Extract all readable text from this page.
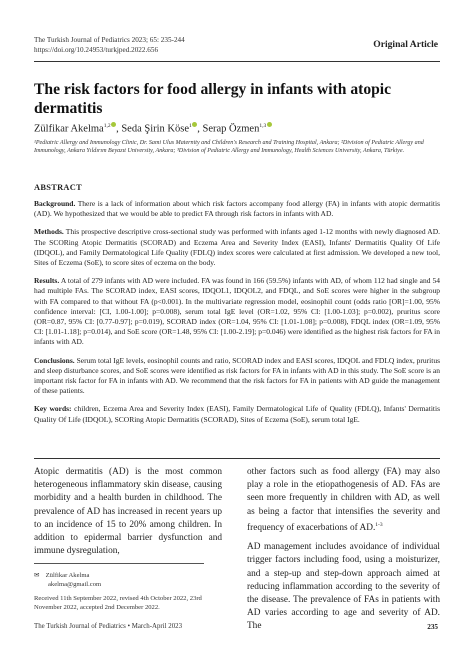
The Turkish Journal of Pediatrics 2023; 65: 235-244
https://doi.org/10.24953/turkjped.2022.656	Original Article
The risk factors for food allergy in infants with atopic dermatitis
Zülfikar Akelma$^{1,2}$ , Seda Şirin Köse$^1$ , Serap Özmen$^{1,3}$
¹Pediatric Allergy and Immunology Clinic, Dr. Sami Ulus Maternity and Children's Research and Training Hospital, Ankara; ²Division of Pediatric Allergy and Immunology, Ankara Yıldırım Beyazıt University, Ankara; ³Division of Pediatric Allergy and Immunology, Health Sciences University, Ankara, Türkiye.
ABSTRACT
Background. There is a lack of information about which risk factors accompany food allergy (FA) in infants with atopic dermatitis (AD). We hypothesized that we would be able to predict FA through risk factors in infants with AD.
Methods. This prospective descriptive cross-sectional study was performed with infants aged 1-12 months with newly diagnosed AD. The SCORing Atopic Dermatitis (SCORAD) and Eczema Area and Severity Index (EASI), Infants' Dermatitis Quality Of Life (IDQOL), and Family Dermatological Life Quality (FDLQ) index scores were calculated at first admission. We developed a new tool, Sites of Eczema (SoE), to score sites of eczema on the body.
Results. A total of 279 infants with AD were included. FA was found in 166 (59.5%) infants with AD, of whom 112 had single and 54 had multiple FAs. The SCORAD index, EASI scores, IDQOL1, IDQOL2, and FDQL, and SoE scores were higher in the subgroup with FA compared to that without FA (p<0.001). In the multivariate regression model, eosinophil count (odds ratio [OR]=1.00, 95% confidence interval: [CI, 1.00-1.00]; p=0.008), serum total IgE level (OR=1.02, 95% CI: [1.00-1.03]; p=0.002), pruritus score (OR=0.87, 95% CI: [0.77-0.97]; p=0.019), SCORAD index (OR=1.04, 95% CI: [1.01-1.08]; p=0.008), FDQL index (OR=1.09, 95% CI: [1.01-1.18]; p=0.014), and SoE score (OR=1.48, 95% CI: [1.00-2.19]; p=0.046) were identified as the highest risk factors for FA in infants with AD.
Conclusions. Serum total IgE levels, eosinophil counts and ratio, SCORAD index and EASI scores, IDQOL and FDLQ index, pruritus and sleep disturbance scores, and SoE scores were identified as risk factors for FA in infants with AD in this study. The SoE score is an important risk factor for FA in infants with AD. We recommend that the risk factors for FA in patients with AD guide the management of these patients.
Key words: children, Eczema Area and Severity Index (EASI), Family Dermatological Life of Quality (FDLQ), Infants' Dermatitis Quality Of Life (IDQOL), SCORing Atopic Dermatitis (SCORAD), Sites of Eczema (SoE), serum total IgE.

Atopic dermatitis (AD) is the most common heterogeneous inflammatory skin disease, causing morbidity and a health burden in childhood. The prevalence of AD has increased in recent years up to an incidence of 15 to 20% among children. In addition to epidermal barrier dysfunction and immune dysregulation,

other factors such as food allergy (FA) may also play a role in the etiopathogenesis of AD. FAs are seen more frequently in children with AD, as well as being a factor that intensifies the severity and frequency of exacerbations of AD.$^{1-3}$

AD management includes avoidance of individual trigger factors including food, using a moisturizer, and a step-up and step-down approach aimed at reducing inflammation according to the severity of the disease. The prevalence of FAs in patients with AD varies according to age and severity of AD. The

✉ Zülfikar Akelma
akelma@gmail.com
Received 11th September 2022, revised 4th October 2022, 23rd November 2022, accepted 2nd December 2022.
The Turkish Journal of Pediatrics • March-April 2023	235
